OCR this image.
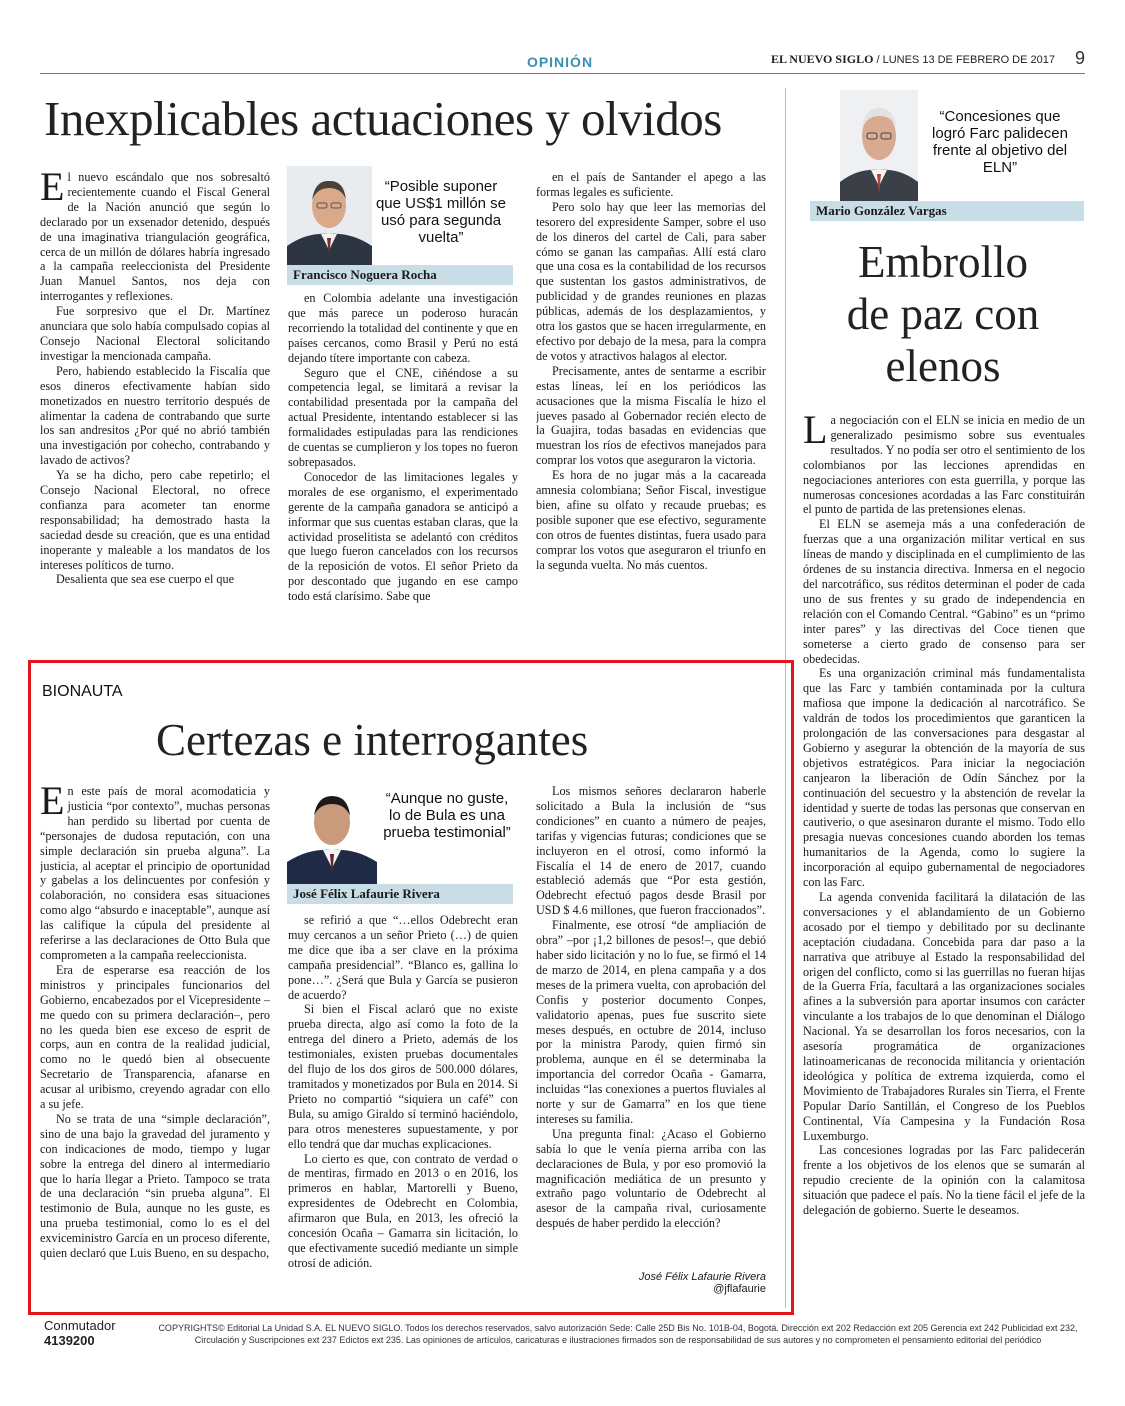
OPINIÓN	EL NUEVO SIGLO / LUNES 13 DE FEBRERO DE 2017 9
Inexplicables actuaciones y olvidos

El nuevo escándalo que nos sobresaltó recientemente cuando el Fiscal General de la Nación anunció que según lo declarado por un exsenador detenido, después de una imaginativa triangulación geográfica, cerca de un millón de dólares habría ingresado a la campaña reeleccionista del Presidente Juan Manuel Santos, nos deja con interrogantes y reflexiones.

Fue sorpresivo que el Dr. Martínez anunciara que solo había compulsado copias al Consejo Nacional Electoral solicitando investigar la mencionada campaña.

Pero, habiendo establecido la Fiscalía que esos dineros efectivamente habían sido monetizados en nuestro territorio después de alimentar la cadena de contrabando que surte los san andresitos ¿Por qué no abrió también una investigación por cohecho, contrabando y lavado de activos?

Ya se ha dicho, pero cabe repetirlo; el Consejo Nacional Electoral, no ofrece confianza para acometer tan enorme responsabilidad; ha demostrado hasta la saciedad desde su creación, que es una entidad inoperante y maleable a los mandatos de los intereses políticos de turno.

Desalienta que sea ese cuerpo el que

“Posible suponer que US$1 millón se usó para segunda vuelta”
Francisco Noguera Rocha

en Colombia adelante una investigación que más parece un poderoso huracán recorriendo la totalidad del continente y que en países cercanos, como Brasil y Perú no está dejando títere importante con cabeza.

Seguro que el CNE, ciñéndose a su competencia legal, se limitará a revisar la contabilidad presentada por la campaña del actual Presidente, intentando establecer si las formalidades estipuladas para las rendiciones de cuentas se cumplieron y los topes no fueron sobrepasados.

Conocedor de las limitaciones legales y morales de ese organismo, el experimentado gerente de la campaña ganadora se anticipó a informar que sus cuentas estaban claras, que la actividad proselitista se adelantó con créditos que luego fueron cancelados con los recursos de la reposición de votos. El señor Prieto da por descontado que jugando en ese campo todo está clarísimo. Sabe que

en el país de Santander el apego a las formas legales es suficiente.

Pero solo hay que leer las memorias del tesorero del expresidente Samper, sobre el uso de los dineros del cartel de Cali, para saber cómo se ganan las campañas. Allí está claro que una cosa es la contabilidad de los recursos que sustentan los gastos administrativos, de publicidad y de grandes reuniones en plazas públicas, además de los desplazamientos, y otra los gastos que se hacen irregularmente, en efectivo por debajo de la mesa, para la compra de votos y atractivos halagos al elector.

Precisamente, antes de sentarme a escribir estas líneas, leí en los periódicos las acusaciones que la misma Fiscalía le hizo el jueves pasado al Gobernador recién electo de la Guajira, todas basadas en evidencias que muestran los ríos de efectivos manejados para comprar los votos que aseguraron la victoria.

Es hora de no jugar más a la cacareada amnesia colombiana; Señor Fiscal, investigue bien, afine su olfato y recaude pruebas; es posible suponer que ese efectivo, seguramente con otros de fuentes distintas, fuera usado para comprar los votos que aseguraron el triunfo en la segunda vuelta. No más cuentos.

“Concesiones que logró Farc palidecen frente al objetivo del ELN”
Mario González Vargas
Embrollo
de paz con
elenos

La negociación con el ELN se inicia en medio de un generalizado pesimismo sobre sus eventuales resultados. Y no podía ser otro el sentimiento de los colombianos por las lecciones aprendidas en negociaciones anteriores con esta guerrilla, y porque las numerosas concesiones acordadas a las Farc constituirán el punto de partida de las pretensiones elenas.

El ELN se asemeja más a una confederación de fuerzas que a una organización militar vertical en sus líneas de mando y disciplinada en el cumplimiento de las órdenes de su instancia directiva. Inmersa en el negocio del narcotráfico, sus réditos determinan el poder de cada uno de sus frentes y su grado de independencia en relación con el Comando Central. “Gabino” es un “primo inter pares” y las directivas del Coce tienen que someterse a cierto grado de consenso para ser obedecidas.

Es una organización criminal más fundamentalista que las Farc y también contaminada por la cultura mafiosa que impone la dedicación al narcotráfico. Se valdrán de todos los procedimientos que garanticen la prolongación de las conversaciones para desgastar al Gobierno y asegurar la obtención de la mayoría de sus objetivos estratégicos. Para iniciar la negociación canjearon la liberación de Odín Sánchez por la continuación del secuestro y la abstención de revelar la identidad y suerte de todas las personas que conservan en cautiverio, o que asesinaron durante el mismo. Todo ello presagia nuevas concesiones cuando aborden los temas humanitarios de la Agenda, como lo sugiere la incorporación al equipo gubernamental de negociadores con las Farc.

La agenda convenida facilitará la dilatación de las conversaciones y el ablandamiento de un Gobierno acosado por el tiempo y debilitado por su declinante aceptación ciudadana. Concebida para dar paso a la narrativa que atribuye al Estado la responsabilidad del origen del conflicto, como si las guerrillas no fueran hijas de la Guerra Fría, facultará a las organizaciones sociales afines a la subversión para aportar insumos con carácter vinculante a los trabajos de lo que denominan el Diálogo Nacional. Ya se desarrollan los foros necesarios, con la asesoría programática de organizaciones latinoamericanas de reconocida militancia y orientación ideológica y política de extrema izquierda, como el Movimiento de Trabajadores Rurales sin Tierra, el Frente Popular Darío Santillán, el Congreso de los Pueblos Continental, Vía Campesina y la Fundación Rosa Luxemburgo.

Las concesiones logradas por las Farc palidecerán frente a los objetivos de los elenos que se sumarán al repudio creciente de la opinión con la calamitosa situación que padece el país. No la tiene fácil el jefe de la delegación de gobierno. Suerte le deseamos.

BIONAUTA
Certezas e interrogantes

En este país de moral acomodaticia y justicia “por contexto”, muchas personas han perdido su libertad por cuenta de “personajes de dudosa reputación, con una simple declaración sin prueba alguna”. La justicia, al aceptar el principio de oportunidad y gabelas a los delincuentes por confesión y colaboración, no considera esas situaciones como algo “absurdo e inaceptable”, aunque así las califique la cúpula del presidente al referirse a las declaraciones de Otto Bula que comprometen a la campaña reeleccionista.

Era de esperarse esa reacción de los ministros y principales funcionarios del Gobierno, encabezados por el Vicepresidente –me quedo con su primera declaración–, pero no les queda bien ese exceso de esprit de corps, aun en contra de la realidad judicial, como no le quedó bien al obsecuente Secretario de Transparencia, afanarse en acusar al uribismo, creyendo agradar con ello a su jefe.

No se trata de una “simple declaración”, sino de una bajo la gravedad del juramento y con indicaciones de modo, tiempo y lugar sobre la entrega del dinero al intermediario que lo haría llegar a Prieto. Tampoco se trata de una declaración “sin prueba alguna”. El testimonio de Bula, aunque no les guste, es una prueba testimonial, como lo es el del exviceministro García en un proceso diferente, quien declaró que Luis Bueno, en su despacho,

“Aunque no guste, lo de Bula es una prueba testimonial”
José Félix Lafaurie Rivera

se refirió a que “…ellos Odebrecht eran muy cercanos a un señor Prieto (…) de quien me dice que iba a ser clave en la próxima campaña presidencial”. “Blanco es, gallina lo pone…”. ¿Será que Bula y García se pusieron de acuerdo?

Si bien el Fiscal aclaró que no existe prueba directa, algo así como la foto de la entrega del dinero a Prieto, además de los testimoniales, existen pruebas documentales del flujo de los dos giros de 500.000 dólares, tramitados y monetizados por Bula en 2014. Si Prieto no compartió “siquiera un café” con Bula, su amigo Giraldo sí terminó haciéndolo, para otros menesteres supuestamente, y por ello tendrá que dar muchas explicaciones.

Lo cierto es que, con contrato de verdad o de mentiras, firmado en 2013 o en 2016, los primeros en hablar, Martorelli y Bueno, expresidentes de Odebrecht en Colombia, afirmaron que Bula, en 2013, les ofreció la concesión Ocaña – Gamarra sin licitación, lo que efectivamente sucedió mediante un simple otrosí de adición.

Los mismos señores declararon haberle solicitado a Bula la inclusión de “sus condiciones” en cuanto a número de peajes, tarifas y vigencias futuras; condiciones que se incluyeron en el otrosí, como informó la Fiscalía el 14 de enero de 2017, cuando estableció además que “Por esta gestión, Odebrecht efectuó pagos desde Brasil por USD $ 4.6 millones, que fueron fraccionados”.

Finalmente, ese otrosí “de ampliación de obra” –por ¡1,2 billones de pesos!–, que debió haber sido licitación y no lo fue, se firmó el 14 de marzo de 2014, en plena campaña y a dos meses de la primera vuelta, con aprobación del Confis y posterior documento Conpes, validatorio apenas, pues fue suscrito siete meses después, en octubre de 2014, incluso por la ministra Parody, quien firmó sin problema, aunque en él se determinaba la importancia del corredor Ocaña - Gamarra, incluidas “las conexiones a puertos fluviales al norte y sur de Gamarra” en los que tiene intereses su familia.

Una pregunta final: ¿Acaso el Gobierno sabía lo que le venía pierna arriba con las declaraciones de Bula, y por eso promovió la magnificación mediática de un presunto y extraño pago voluntario de Odebrecht al asesor de la campaña rival, curiosamente después de haber perdido la elección?

José Félix Lafaurie Rivera
@jflafaurie
Conmutador
4139200
COPYRIGHTS© Editorial La Unidad S.A. EL NUEVO SIGLO. Todos los derechos reservados, salvo autorización Sede: Calle 25D Bis No. 101B-04, Bogotá. Dirección ext 202 Redacción ext 205 Gerencia ext 242 Publicidad ext 232, Circulación y Suscripciones ext 237 Edictos ext 235. Las opiniones de artículos, caricaturas e ilustraciones firmados son de responsabilidad de sus autores y no comprometen el pensamiento editorial del periódico
